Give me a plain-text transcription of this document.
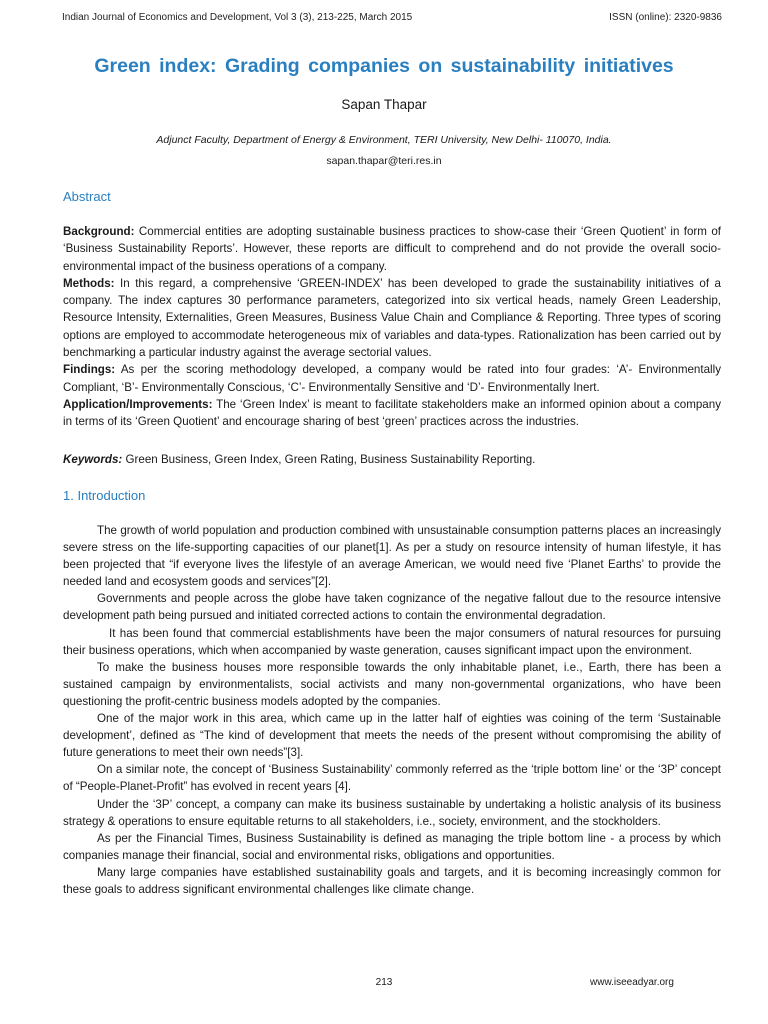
Indian Journal of Economics and Development, Vol 3 (3), 213-225, March 2015	ISSN (online): 2320-9836
Green index: Grading companies on sustainability initiatives
Sapan Thapar
Adjunct Faculty, Department of Energy & Environment, TERI University, New Delhi- 110070, India.
sapan.thapar@teri.res.in
Abstract

Background: Commercial entities are adopting sustainable business practices to show-case their ‘Green Quotient’ in form of ‘Business Sustainability Reports’. However, these reports are difficult to comprehend and do not provide the overall socio-environmental impact of the business operations of a company.

Methods: In this regard, a comprehensive ‘GREEN-INDEX’ has been developed to grade the sustainability initiatives of a company. The index captures 30 performance parameters, categorized into six vertical heads, namely Green Leadership, Resource Intensity, Externalities, Green Measures, Business Value Chain and Compliance & Reporting. Three types of scoring options are employed to accommodate heterogeneous mix of variables and data-types. Rationalization has been carried out by benchmarking a particular industry against the average sectorial values.

Findings: As per the scoring methodology developed, a company would be rated into four grades: ‘A’- Environmentally Compliant, ‘B’- Environmentally Conscious, ‘C’- Environmentally Sensitive and ‘D’- Environmentally Inert.

Application/Improvements: The ‘Green Index’ is meant to facilitate stakeholders make an informed opinion about a company in terms of its ‘Green Quotient’ and encourage sharing of best ‘green’ practices across the industries.

Keywords: Green Business, Green Index, Green Rating, Business Sustainability Reporting.
1. Introduction

The growth of world population and production combined with unsustainable consumption patterns places an increasingly severe stress on the life-supporting capacities of our planet[1]. As per a study on resource intensity of human lifestyle, it has been projected that “if everyone lives the lifestyle of an average American, we would need five ‘Planet Earths’ to provide the needed land and ecosystem goods and services”[2].

Governments and people across the globe have taken cognizance of the negative fallout due to the resource intensive development path being pursued and initiated corrected actions to contain the environmental degradation.

It has been found that commercial establishments have been the major consumers of natural resources for pursuing their business operations, which when accompanied by waste generation, causes significant impact upon the environment.

To make the business houses more responsible towards the only inhabitable planet, i.e., Earth, there has been a sustained campaign by environmentalists, social activists and many non-governmental organizations, who have been questioning the profit-centric business models adopted by the companies.

One of the major work in this area, which came up in the latter half of eighties was coining of the term ‘Sustainable development’, defined as “The kind of development that meets the needs of the present without compromising the ability of future generations to meet their own needs”[3].

On a similar note, the concept of ‘Business Sustainability’ commonly referred as the ‘triple bottom line’ or the ‘3P’ concept of “People-Planet-Profit” has evolved in recent years [4].

Under the ‘3P’ concept, a company can make its business sustainable by undertaking a holistic analysis of its business strategy & operations to ensure equitable returns to all stakeholders, i.e., society, environment, and the stockholders.

As per the Financial Times, Business Sustainability is defined as managing the triple bottom line - a process by which companies manage their financial, social and environmental risks, obligations and opportunities.

Many large companies have established sustainability goals and targets, and it is becoming increasingly common for these goals to address significant environmental challenges like climate change.

213	www.iseeadyar.org
